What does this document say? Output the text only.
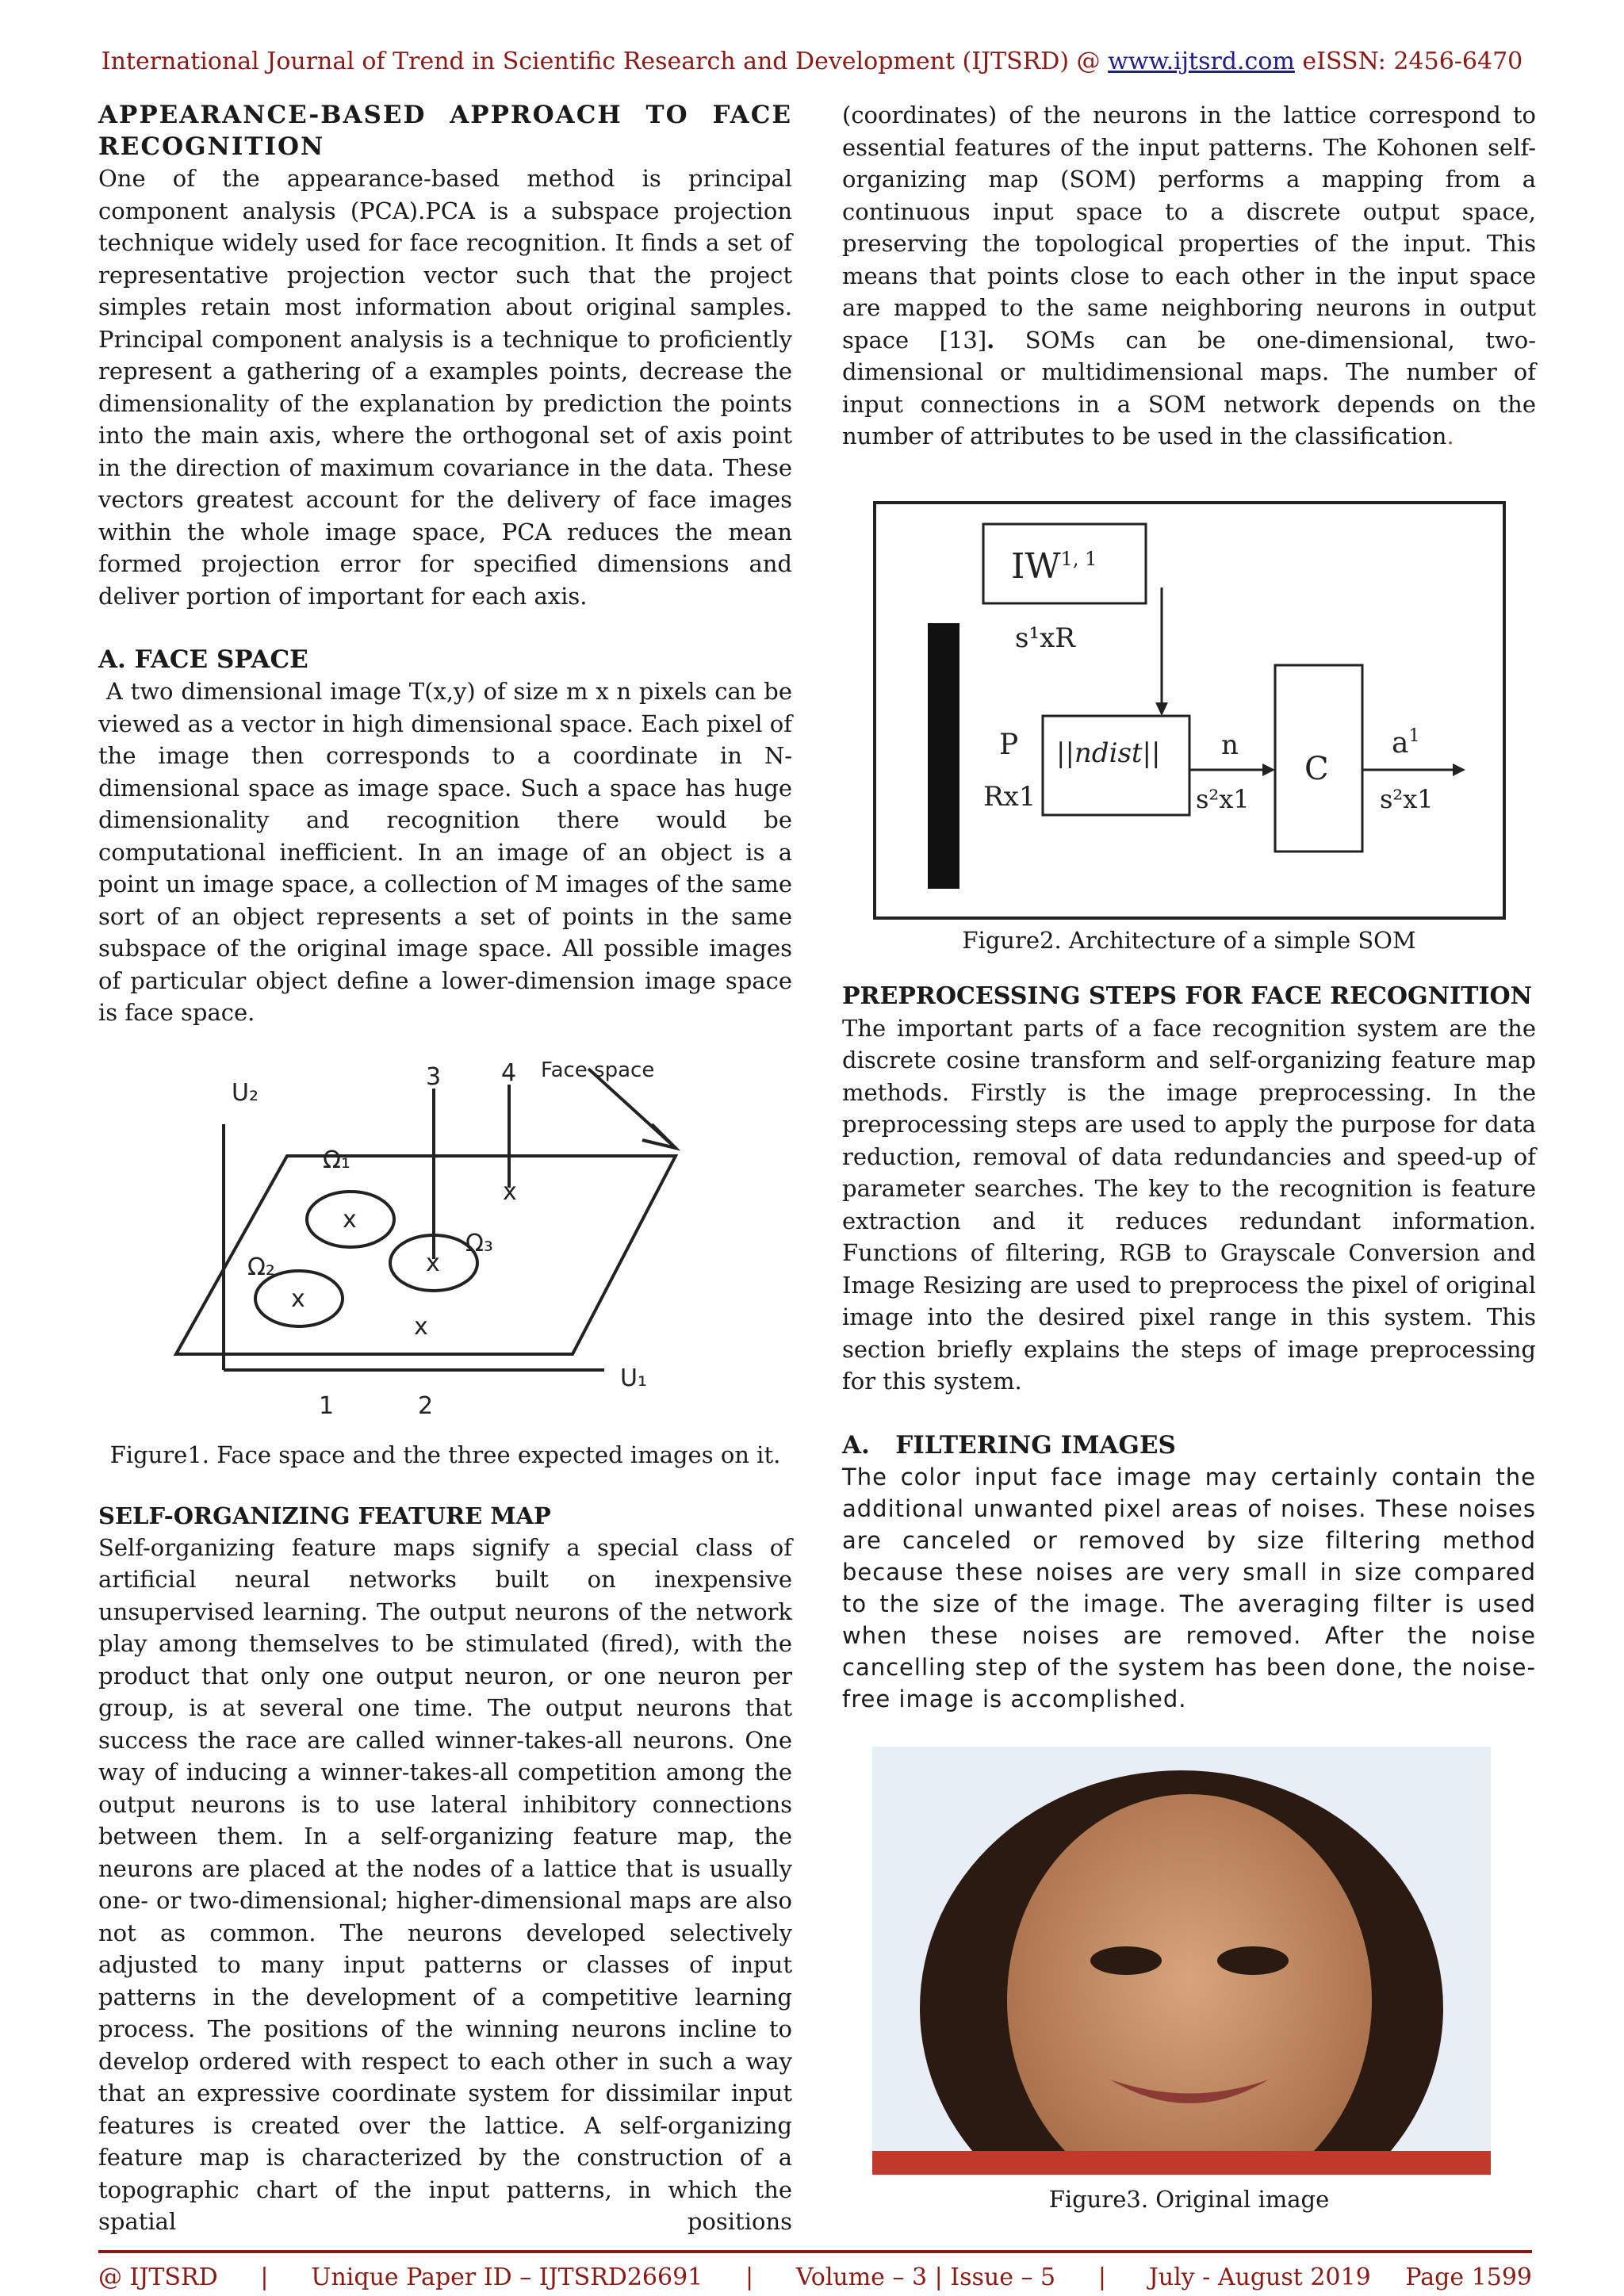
International Journal of Trend in Scientific Research and Development (IJTSRD) @ www.ijtsrd.com eISSN: 2456-6470
APPEARANCE-BASED APPROACH TO FACE
RECOGNITION

One of the appearance-based method is principal component analysis (PCA).PCA is a subspace projection technique widely used for face recognition. It finds a set of representative projection vector such that the project simples retain most information about original samples. Principal component analysis is a technique to proficiently represent a gathering of a examples points, decrease the dimensionality of the explanation by prediction the points into the main axis, where the orthogonal set of axis point in the direction of maximum covariance in the data. These vectors greatest account for the delivery of face images within the whole image space, PCA reduces the mean formed projection error for specified dimensions and deliver portion of important for each axis.

A. FACE SPACE

A two dimensional image T(x,y) of size m x n pixels can be viewed as a vector in high dimensional space. Each pixel of the image then corresponds to a coordinate in N-dimensional space as image space. Such a space has huge dimensionality and recognition there would be computational inefficient. In an image of an object is a point un image space, a collection of M images of the same sort of an object represents a set of points in the same subspace of the original image space. All possible images of particular object define a lower-dimension image space is face space.

U₂
U₁
3	4 Face space
Ω₁
Ω₂
Ω₃
x
x
x
x
x
1	2
Figure1. Face space and the three expected images on it.
SELF-ORGANIZING FEATURE MAP

Self-organizing feature maps signify a special class of artificial neural networks built on inexpensive unsupervised learning. The output neurons of the network play among themselves to be stimulated (fired), with the product that only one output neuron, or one neuron per group, is at several one time. The output neurons that success the race are called winner-takes-all neurons. One way of inducing a winner-takes-all competition among the output neurons is to use lateral inhibitory connections between them. In a self-organizing feature map, the neurons are placed at the nodes of a lattice that is usually one- or two-dimensional; higher-dimensional maps are also not as common. The neurons developed selectively adjusted to many input patterns or classes of input patterns in the development of a competitive learning process. The positions of the winning neurons incline to develop ordered with respect to each other in such a way that an expressive coordinate system for dissimilar input features is created over the lattice. A self-organizing feature map is characterized by the construction of a topographic chart of the input patterns, in which the spatial positions

(coordinates) of the neurons in the lattice correspond to essential features of the input patterns. The Kohonen self-organizing map (SOM) performs a mapping from a continuous input space to a discrete output space, preserving the topological properties of the input. This means that points close to each other in the input space are mapped to the same neighboring neurons in output space [13]. SOMs can be one-dimensional, two-dimensional or multidimensional maps. The number of input connections in a SOM network depends on the number of attributes to be used in the classification.

IW$^{1, 1}$
s¹xR
P
Rx1
||ndist|| n
s²x1
C
$a^1$
s²x1
Figure2. Architecture of a simple SOM
PREPROCESSING STEPS FOR FACE RECOGNITION

The important parts of a face recognition system are the discrete cosine transform and self-organizing feature map methods. Firstly is the image preprocessing. In the preprocessing steps are used to apply the purpose for data reduction, removal of data redundancies and speed-up of parameter searches. The key to the recognition is feature extraction and it reduces redundant information. Functions of filtering, RGB to Grayscale Conversion and Image Resizing are used to preprocess the pixel of original image into the desired pixel range in this system. This section briefly explains the steps of image preprocessing for this system.

A.   FILTERING IMAGES

The color input face image may certainly contain the additional unwanted pixel areas of noises. These noises are canceled or removed by size filtering method because these noises are very small in size compared to the size of the image. The averaging filter is used when these noises are removed. After the noise cancelling step of the system has been done, the noise-free image is accomplished.

Figure3. Original image
@ IJTSRD | Unique Paper ID – IJTSRD26691 | Volume – 3 | Issue – 5 | July - August 2019 Page 1599
